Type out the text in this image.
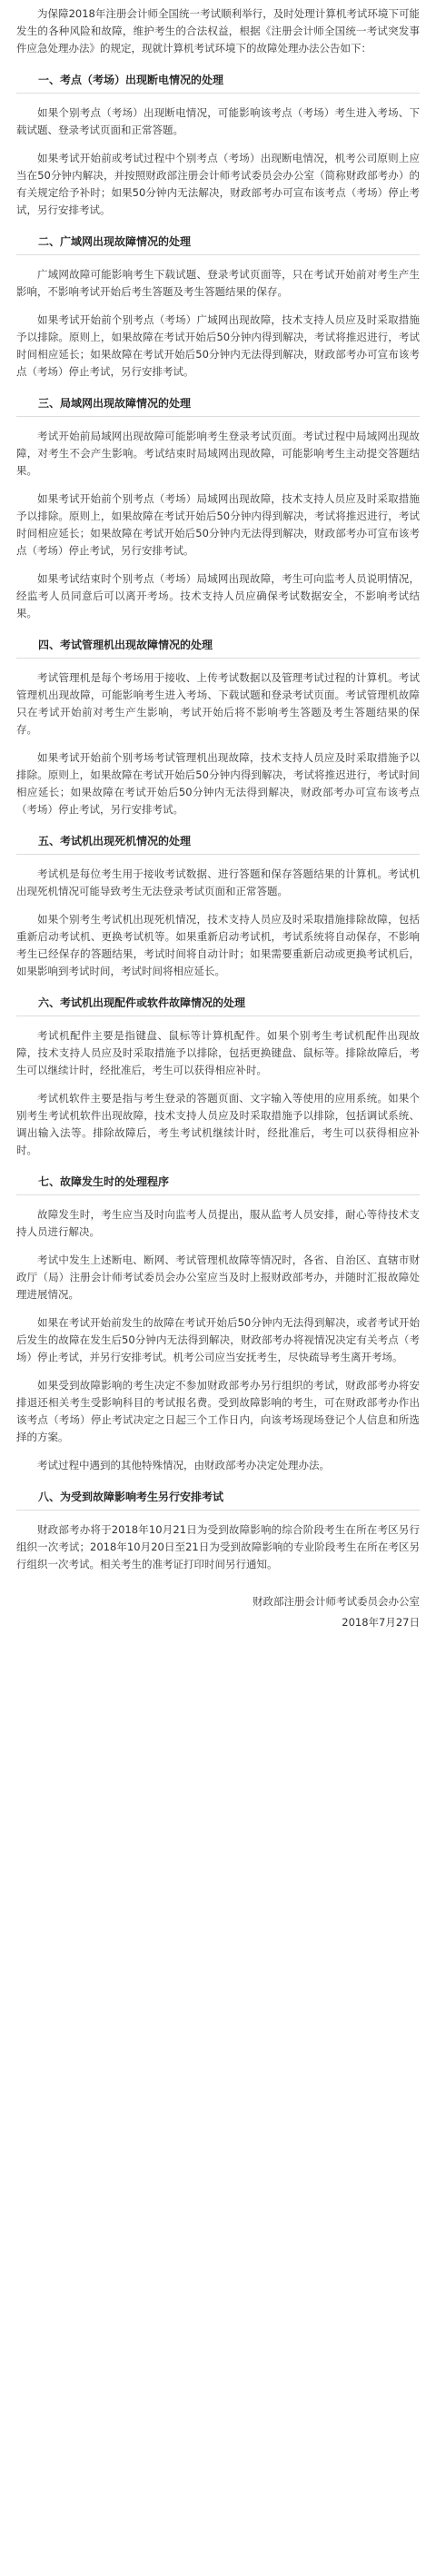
为保障2018年注册会计师全国统一考试顺利举行，及时处理计算机考试环境下可能发生的各种风险和故障，维护考生的合法权益，根据《注册会计师全国统一考试突发事件应急处理办法》的规定，现就计算机考试环境下的故障处理办法公告如下：

一、考点（考场）出现断电情况的处理

如果个别考点（考场）出现断电情况，可能影响该考点（考场）考生进入考场、下载试题、登录考试页面和正常答题。

如果考试开始前或考试过程中个别考点（考场）出现断电情况，机考公司原则上应当在50分钟内解决，并按照财政部注册会计师考试委员会办公室（简称财政部考办）的有关规定给予补时；如果50分钟内无法解决，财政部考办可宣布该考点（考场）停止考试，另行安排考试。

二、广域网出现故障情况的处理

广域网故障可能影响考生下载试题、登录考试页面等，只在考试开始前对考生产生影响，不影响考试开始后考生答题及考生答题结果的保存。

如果考试开始前个别考点（考场）广域网出现故障，技术支持人员应及时采取措施予以排除。原则上，如果故障在考试开始后50分钟内得到解决，考试将推迟进行，考试时间相应延长；如果故障在考试开始后50分钟内无法得到解决，财政部考办可宣布该考点（考场）停止考试，另行安排考试。

三、局域网出现故障情况的处理

考试开始前局域网出现故障可能影响考生登录考试页面。考试过程中局域网出现故障，对考生不会产生影响。考试结束时局域网出现故障，可能影响考生主动提交答题结果。

如果考试开始前个别考点（考场）局域网出现故障，技术支持人员应及时采取措施予以排除。原则上，如果故障在考试开始后50分钟内得到解决，考试将推迟进行，考试时间相应延长；如果故障在考试开始后50分钟内无法得到解决，财政部考办可宣布该考点（考场）停止考试，另行安排考试。

如果考试结束时个别考点（考场）局域网出现故障，考生可向监考人员说明情况，经监考人员同意后可以离开考场。技术支持人员应确保考试数据安全，不影响考试结果。

四、考试管理机出现故障情况的处理

考试管理机是每个考场用于接收、上传考试数据以及管理考试过程的计算机。考试管理机出现故障，可能影响考生进入考场、下载试题和登录考试页面。考试管理机故障只在考试开始前对考生产生影响，考试开始后将不影响考生答题及考生答题结果的保存。

如果考试开始前个别考场考试管理机出现故障，技术支持人员应及时采取措施予以排除。原则上，如果故障在考试开始后50分钟内得到解决，考试将推迟进行，考试时间相应延长；如果故障在考试开始后50分钟内无法得到解决，财政部考办可宣布该考点（考场）停止考试，另行安排考试。

五、考试机出现死机情况的处理

考试机是每位考生用于接收考试数据、进行答题和保存答题结果的计算机。考试机出现死机情况可能导致考生无法登录考试页面和正常答题。

如果个别考生考试机出现死机情况，技术支持人员应及时采取措施排除故障，包括重新启动考试机、更换考试机等。如果重新启动考试机，考试系统将自动保存，不影响考生已经保存的答题结果，考试时间将自动计时；如果需要重新启动或更换考试机后，如果影响到考试时间，考试时间将相应延长。

六、考试机出现配件或软件故障情况的处理

考试机配件主要是指键盘、鼠标等计算机配件。如果个别考生考试机配件出现故障，技术支持人员应及时采取措施予以排除，包括更换键盘、鼠标等。排除故障后，考生可以继续计时，经批准后，考生可以获得相应补时。

考试机软件主要是指与考生登录的答题页面、文字输入等使用的应用系统。如果个别考生考试机软件出现故障，技术支持人员应及时采取措施予以排除，包括调试系统、调出输入法等。排除故障后，考生考试机继续计时，经批准后，考生可以获得相应补时。

七、故障发生时的处理程序

故障发生时，考生应当及时向监考人员提出，服从监考人员安排，耐心等待技术支持人员进行解决。

考试中发生上述断电、断网、考试管理机故障等情况时，各省、自治区、直辖市财政厅（局）注册会计师考试委员会办公室应当及时上报财政部考办，并随时汇报故障处理进展情况。

如果在考试开始前发生的故障在考试开始后50分钟内无法得到解决，或者考试开始后发生的故障在发生后50分钟内无法得到解决，财政部考办将视情况决定有关考点（考场）停止考试，并另行安排考试。机考公司应当安抚考生，尽快疏导考生离开考场。

如果受到故障影响的考生决定不参加财政部考办另行组织的考试，财政部考办将安排退还相关考生受影响科目的考试报名费。受到故障影响的考生，可在财政部考办作出该考点（考场）停止考试决定之日起三个工作日内，向该考场现场登记个人信息和所选择的方案。

考试过程中遇到的其他特殊情况，由财政部考办决定处理办法。

八、为受到故障影响考生另行安排考试

财政部考办将于2018年10月21日为受到故障影响的综合阶段考生在所在考区另行组织一次考试；2018年10月20日至21日为受到故障影响的专业阶段考生在所在考区另行组织一次考试。相关考生的准考证打印时间另行通知。

财政部注册会计师考试委员会办公室

2018年7月27日
